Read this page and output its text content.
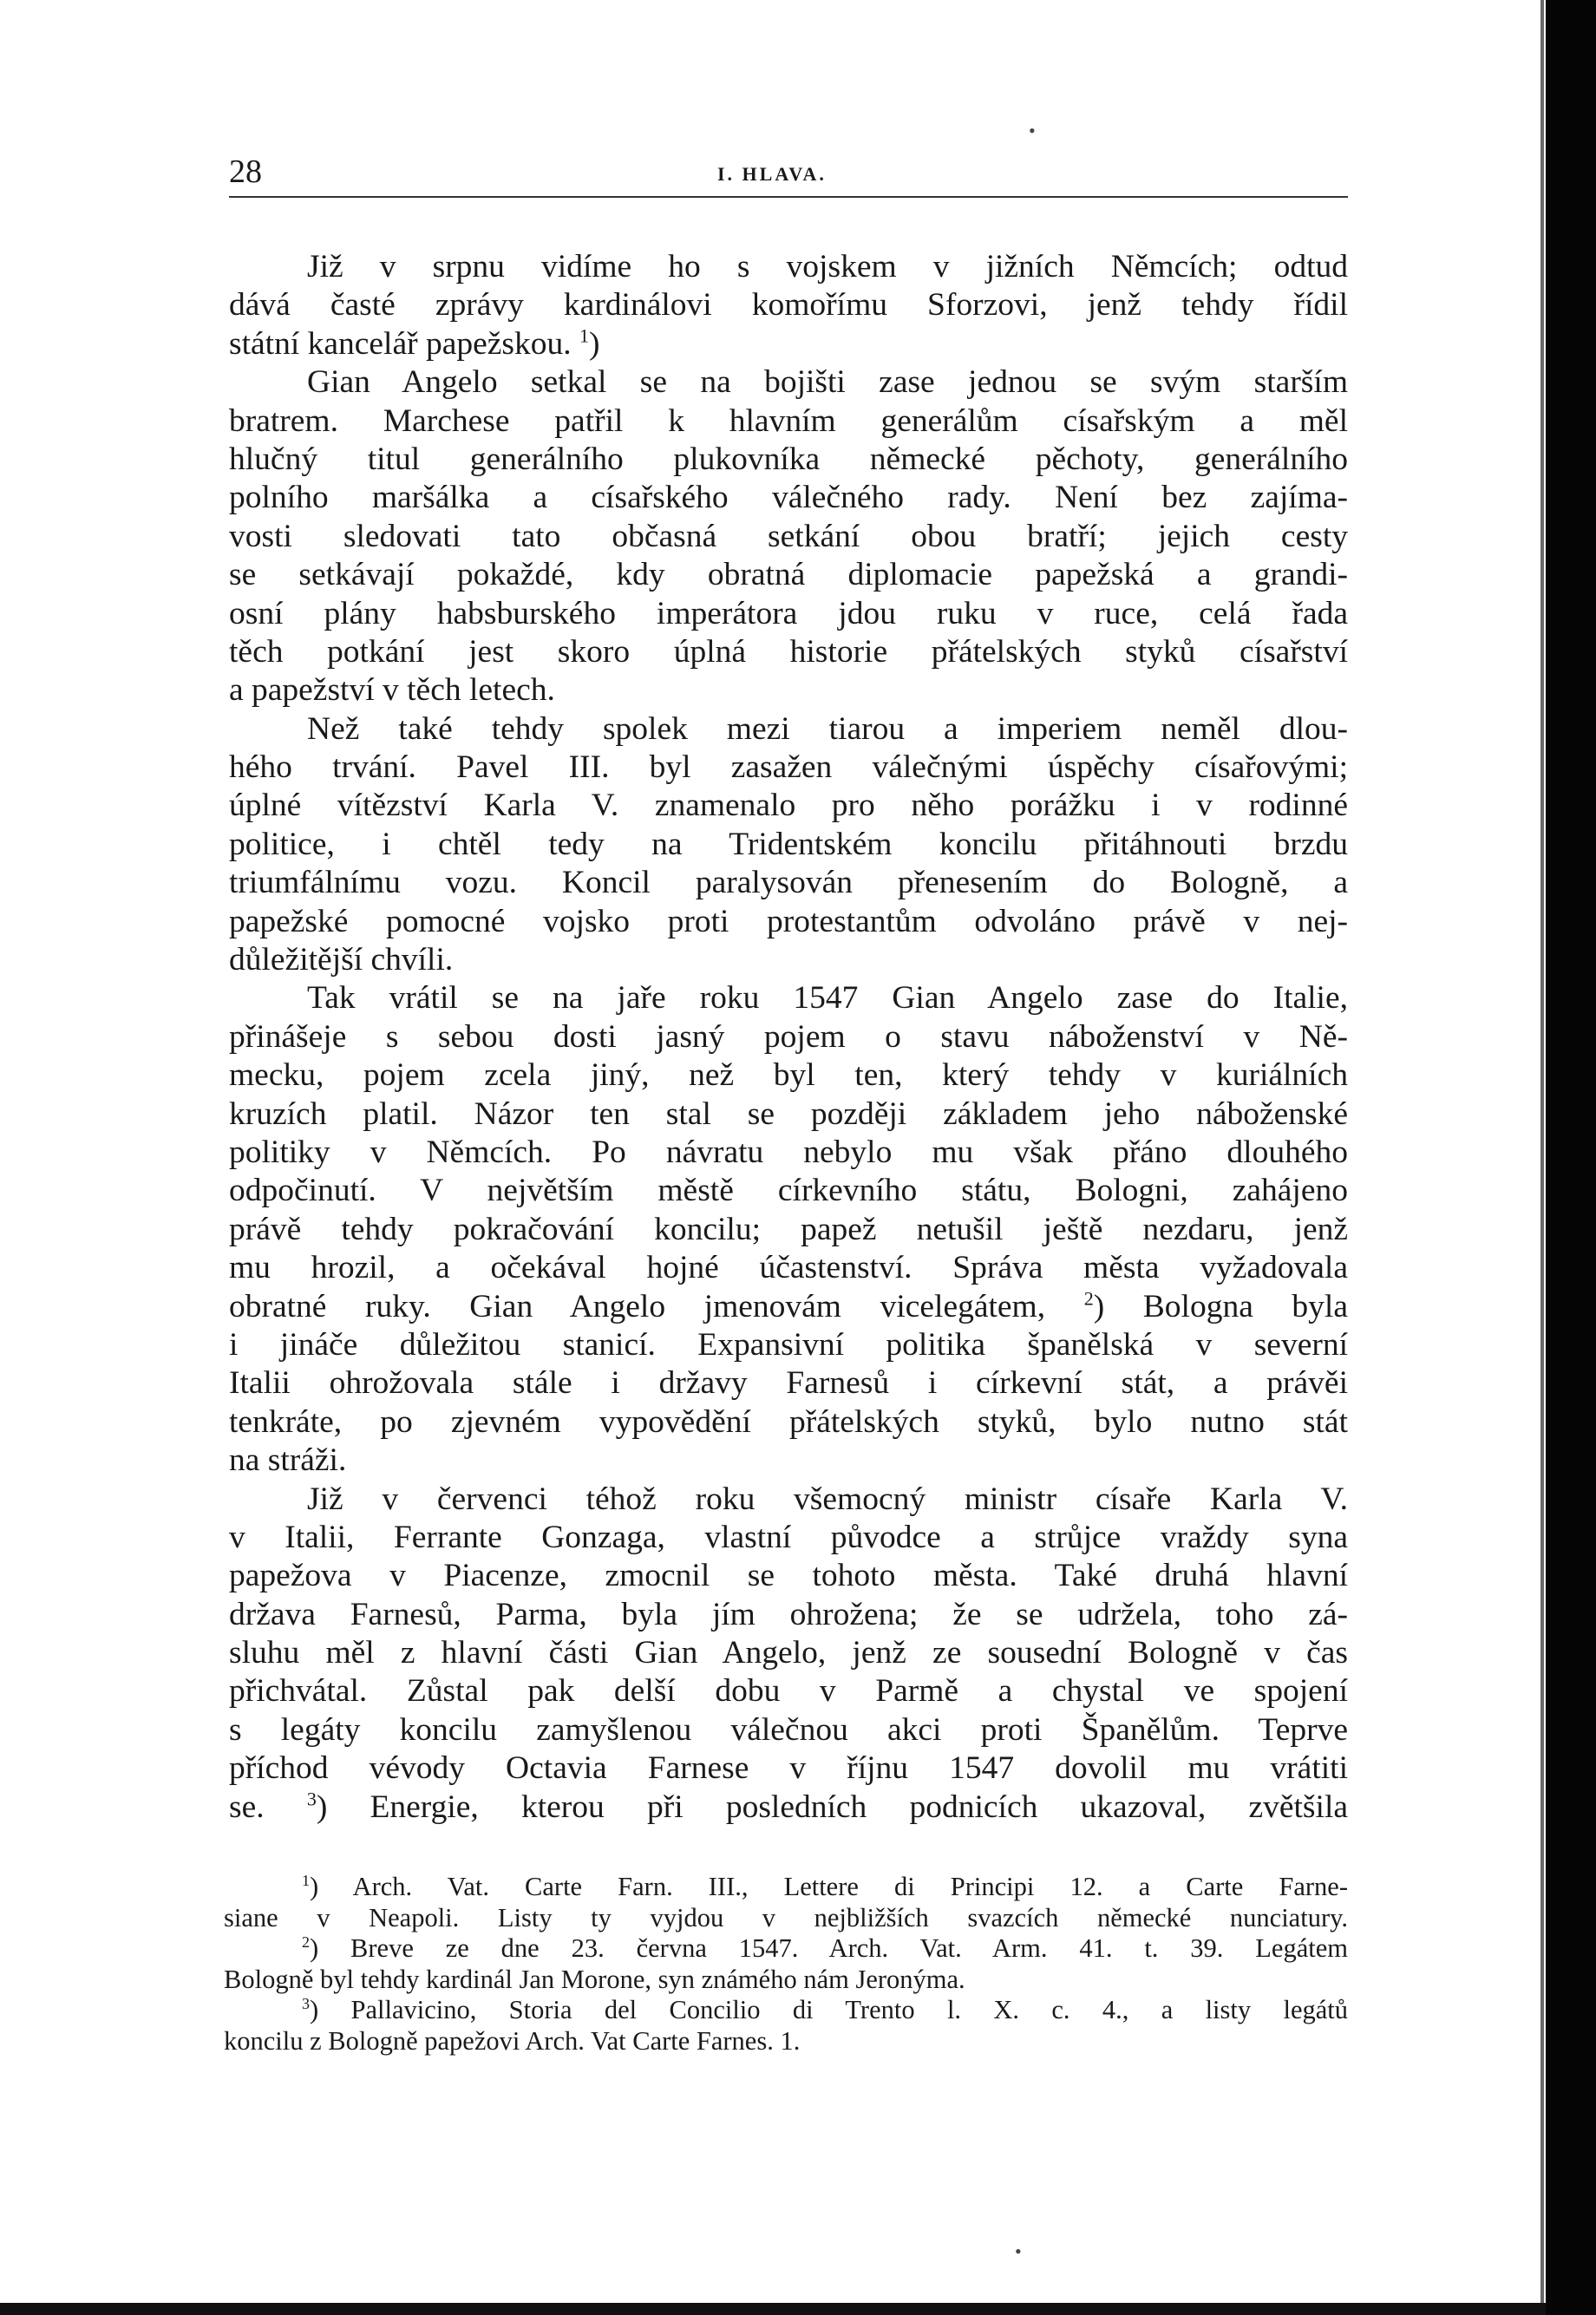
•
•
28	I. HLAVA.
Již v srpnu vidíme ho s vojskem v jižních Němcích; odtud
dává časté zprávy kardinálovi komořímu Sforzovi, jenž tehdy řídil
státní kancelář papežskou. $^1$)
Gian Angelo setkal se na bojišti zase jednou se svým starším
bratrem. Marchese patřil k hlavním generálům císařským a měl
hlučný titul generálního plukovníka německé pěchoty, generálního
polního maršálka a císařského válečného rady. Není bez zajíma-
vosti sledovati tato občasná setkání obou bratří; jejich cesty
se setkávají pokaždé, kdy obratná diplomacie papežská a grandi-
osní plány habsburského imperátora jdou ruku v ruce, celá řada
těch potkání jest skoro úplná historie přátelských styků císařství
a papežství v těch letech.
Než také tehdy spolek mezi tiarou a imperiem neměl dlou-
hého trvání. Pavel III. byl zasažen válečnými úspěchy císařovými;
úplné vítězství Karla V. znamenalo pro něho porážku i v rodinné
politice, i chtěl tedy na Tridentském koncilu přitáhnouti brzdu
triumfálnímu vozu. Koncil paralysován přenesením do Bologně, a
papežské pomocné vojsko proti protestantům odvoláno právě v nej-
důležitější chvíli.
Tak vrátil se na jaře roku 1547 Gian Angelo zase do Italie,
přinášeje s sebou dosti jasný pojem o stavu náboženství v Ně-
mecku, pojem zcela jiný, než byl ten, který tehdy v kuriálních
kruzích platil. Názor ten stal se později základem jeho náboženské
politiky v Němcích. Po návratu nebylo mu však přáno dlouhého
odpočinutí. V největším městě církevního státu, Bologni, zahájeno
právě tehdy pokračování koncilu; papež netušil ještě nezdaru, jenž
mu hrozil, a očekával hojné účastenství. Správa města vyžadovala
obratné ruky. Gian Angelo jmenovám vicelegátem, $^2$) Bologna byla
i jináče důležitou stanicí. Expansivní politika španělská v severní
Italii ohrožovala stále i državy Farnesů i církevní stát, a právěi
tenkráte, po zjevném vypovědění přátelských styků, bylo nutno stát
na stráži.
Již v červenci téhož roku všemocný ministr císaře Karla V.
v Italii, Ferrante Gonzaga, vlastní původce a strůjce vraždy syna
papežova v Piacenze, zmocnil se tohoto města. Také druhá hlavní
država Farnesů, Parma, byla jím ohrožena; že se udržela, toho zá-
sluhu měl z hlavní části Gian Angelo, jenž ze sousední Bologně v čas
přichvátal. Zůstal pak delší dobu v Parmě a chystal ve spojení
s legáty koncilu zamyšlenou válečnou akci proti Španělům. Teprve
příchod vévody Octavia Farnese v říjnu 1547 dovolil mu vrátiti
se. $^3$) Energie, kterou při posledních podnicích ukazoval, zvětšila
$^1$) Arch. Vat. Carte Farn. III., Lettere di Principi 12. a Carte Farne-
siane v Neapoli. Listy ty vyjdou v nejbližších svazcích německé nunciatury.
$^2$) Breve ze dne 23. června 1547. Arch. Vat. Arm. 41. t. 39. Legátem
Bologně byl tehdy kardinál Jan Morone, syn známého nám Jeronýma.
$^3$) Pallavicino, Storia del Concilio di Trento l. X. c. 4., a listy legátů
koncilu z Bologně papežovi Arch. Vat Carte Farnes. 1.
